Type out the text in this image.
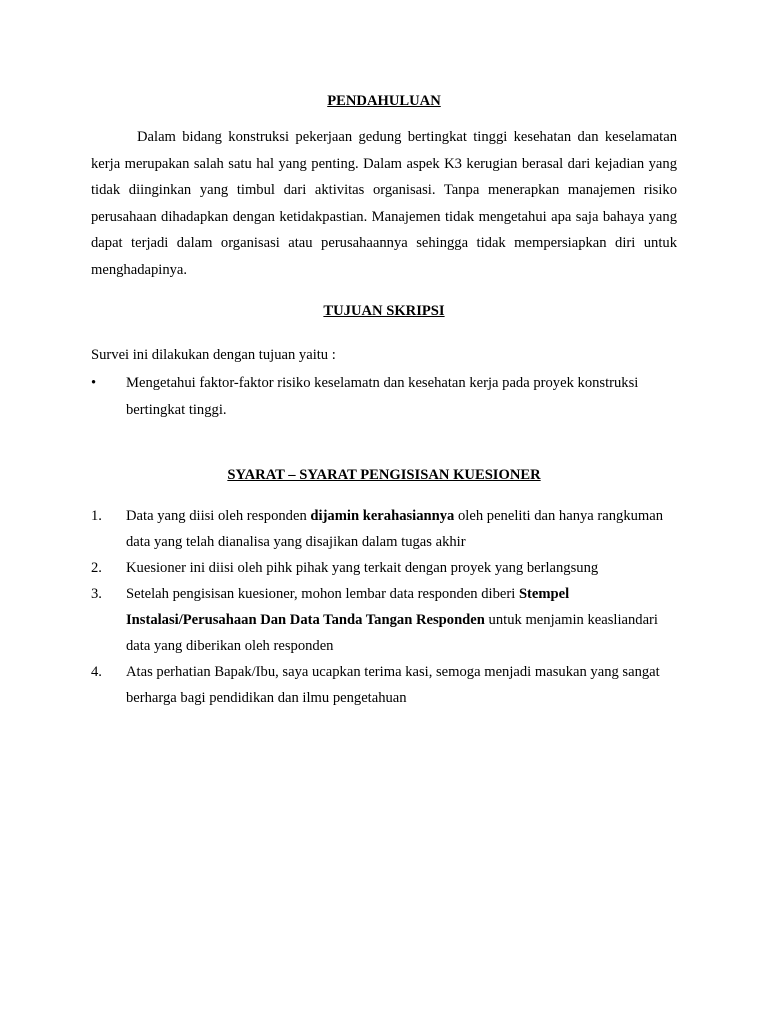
PENDAHULUAN

Dalam bidang konstruksi pekerjaan gedung bertingkat tinggi kesehatan dan keselamatan kerja merupakan salah satu hal yang penting. Dalam aspek K3 kerugian berasal dari kejadian yang tidak diinginkan yang timbul dari aktivitas organisasi. Tanpa menerapkan manajemen risiko perusahaan dihadapkan dengan ketidakpastian. Manajemen tidak mengetahui apa saja bahaya yang dapat terjadi dalam organisasi atau perusahaannya sehingga tidak mempersiapkan diri untuk menghadapinya.

TUJUAN SKRIPSI

Survei ini dilakukan dengan tujuan yaitu :

• Mengetahui faktor-faktor risiko keselamatn dan kesehatan kerja pada proyek konstruksi bertingkat tinggi.
SYARAT – SYARAT PENGISISAN KUESIONER
1. Data yang diisi oleh responden dijamin kerahasiannya oleh peneliti dan hanya rangkuman data yang telah dianalisa yang disajikan dalam tugas akhir
2. Kuesioner ini diisi oleh pihk pihak yang terkait dengan proyek yang berlangsung
3. Setelah pengisisan kuesioner, mohon lembar data responden diberi Stempel Instalasi/Perusahaan Dan Data Tanda Tangan Responden untuk menjamin keasliandari data yang diberikan oleh responden
4. Atas perhatian Bapak/Ibu, saya ucapkan terima kasi, semoga menjadi masukan yang sangat berharga bagi pendidikan dan ilmu pengetahuan
